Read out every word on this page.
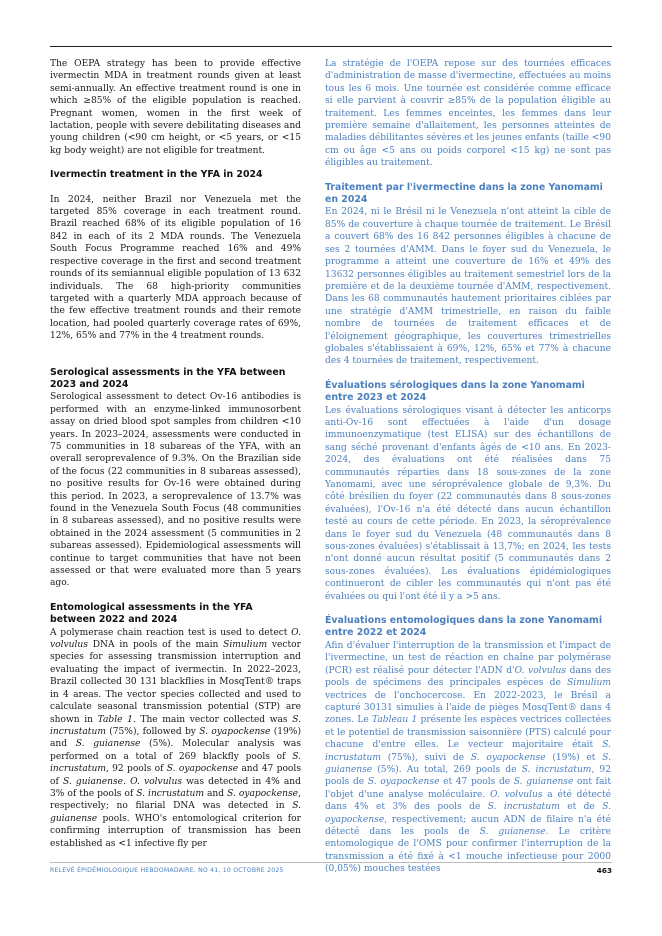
The OEPA strategy has been to provide effective ivermectin MDA in treatment rounds given at least semi-annually. An effective treatment round is one in which ≥85% of the eligible population is reached. Pregnant women, women in the first week of lactation, people with severe debilitating diseases and young children (<90 cm height, or <5 years, or <15 kg body weight) are not eligible for treatment.

Ivermectin treatment in the YFA in 2024

In 2024, neither Brazil nor Venezuela met the targeted 85% coverage in each treatment round. Brazil reached 68% of its eligible population of 16 842 in each of its 2 MDA rounds. The Venezuela South Focus Programme reached 16% and 49% respective coverage in the first and second treatment rounds of its semiannual eligible population of 13 632 individuals. The 68 high-priority communities targeted with a quarterly MDA approach because of the few effective treatment rounds and their remote location, had pooled quarterly coverage rates of 69%, 12%, 65% and 77% in the 4 treatment rounds.

Serological assessments in the YFA between 2023 and 2024

Serological assessment to detect Ov-16 antibodies is performed with an enzyme-linked immunosorbent assay on dried blood spot samples from children <10 years. In 2023–2024, assessments were conducted in 75 communities in 18 subareas of the YFA, with an overall seroprevalence of 9.3%. On the Brazilian side of the focus (22 communities in 8 subareas assessed), no positive results for Ov-16 were obtained during this period. In 2023, a seroprevalence of 13.7% was found in the Venezuela South Focus (48 communities in 8 subareas assessed), and no positive results were obtained in the 2024 assessment (5 communities in 2 subareas assessed). Epidemiological assessments will continue to target communities that have not been assessed or that were evaluated more than 5 years ago.

Entomological assessments in the YFA between 2022 and 2024

A polymerase chain reaction test is used to detect O. volvulus DNA in pools of the main Simulium vector species for assessing transmission interruption and evaluating the impact of ivermectin. In 2022–2023, Brazil collected 30 131 blackflies in MosqTent® traps in 4 areas. The vector species collected and used to calculate seasonal transmission potential (STP) are shown in Table 1. The main vector collected was S. incrustatum (75%), followed by S. oyapockense (19%) and S. guianense (5%). Molecular analysis was performed on a total of 269 blackfly pools of S. incrustatum, 92 pools of S. oyapockense and 47 pools of S. guianense. O. volvulus was detected in 4% and 3% of the pools of S. incrustatum and S. oyapockense, respectively; no filarial DNA was detected in S. guianense pools. WHO's entomological criterion for confirming interruption of transmission has been established as <1 infective fly per

La stratégie de l'OEPA repose sur des tournées efficaces d'administration de masse d'ivermectine, effectuées au moins tous les 6 mois. Une tournée est considérée comme efficace si elle parvient à couvrir ≥85% de la population éligible au traitement. Les femmes enceintes, les femmes dans leur première semaine d'allaitement, les personnes atteintes de maladies débilitantes sévères et les jeunes enfants (taille <90 cm ou âge <5 ans ou poids corporel <15 kg) ne sont pas éligibles au traitement.

Traitement par l'ivermectine dans la zone Yanomami en 2024

En 2024, ni le Brésil ni le Venezuela n'ont atteint la cible de 85% de couverture à chaque tournée de traitement. Le Brésil a couvert 68% des 16 842 personnes éligibles à chacune de ses 2 tournées d'AMM. Dans le foyer sud du Venezuela, le programme a atteint une couverture de 16% et 49% des 13632 personnes éligibles au traitement semestriel lors de la première et de la deuxième tournée d'AMM, respectivement. Dans les 68 communautés hautement prioritaires ciblées par une stratégie d'AMM trimestrielle, en raison du faible nombre de tournées de traitement efficaces et de l'éloignement géographique, les couvertures trimestrielles globales s'établissaient à 69%, 12%, 65% et 77% à chacune des 4 tournées de traitement, respectivement.

Évaluations sérologiques dans la zone Yanomami entre 2023 et 2024

Les évaluations sérologiques visant à détecter les anticorps anti-Ov-16 sont effectuées à l'aide d'un dosage immunoenzymatique (test ELISA) sur des échantillons de sang séché provenant d'enfants âgés de <10 ans. En 2023-2024, des évaluations ont été réalisées dans 75 communautés réparties dans 18 sous-zones de la zone Yanomami, avec une séroprévalence globale de 9,3%. Du côté brésilien du foyer (22 communautés dans 8 sous-zones évaluées), l'Ov-16 n'a été détecté dans aucun échantillon testé au cours de cette période. En 2023, la séroprévalence dans le foyer sud du Venezuela (48 communautés dans 8 sous-zones évaluées) s'établissait à 13,7%; en 2024, les tests n'ont donné aucun résultat positif (5 communautés dans 2 sous-zones évaluées). Les évaluations épidémiologiques continueront de cibler les communautés qui n'ont pas été évaluées ou qui l'ont été il y a >5 ans.

Évaluations entomologiques dans la zone Yanomami entre 2022 et 2024

Afin d'évaluer l'interruption de la transmission et l'impact de l'ivermectine, un test de réaction en chaîne par polymérase (PCR) est réalisé pour détecter l'ADN d'O. volvulus dans des pools de spécimens des principales espèces de Simulium vectrices de l'onchocercose. En 2022-2023, le Brésil a capturé 30131 simulies à l'aide de pièges MosqTent® dans 4 zones. Le Tableau 1 présente les espèces vectrices collectées et le potentiel de transmission saisonnière (PTS) calculé pour chacune d'entre elles. Le vecteur majoritaire était S. incrustatum (75%), suivi de S. oyapockense (19%) et S. guianense (5%). Au total, 269 pools de S. incrustatum, 92 pools de S. oyapockense et 47 pools de S. guianense ont fait l'objet d'une analyse moléculaire. O. volvulus a été détecté dans 4% et 3% des pools de S. incrustatum et de S. oyapockense, respectivement; aucun ADN de filaire n'a été détecté dans les pools de S. guianense. Le critère entomologique de l'OMS pour confirmer l'interruption de la transmission a été fixé à <1 mouche infectieuse pour 2000 (0,05%) mouches testées

RELEVÉ ÉPIDÉMIOLOGIQUE HEBDOMADAIRE, NO 41, 10 OCTOBRE 2025	463
